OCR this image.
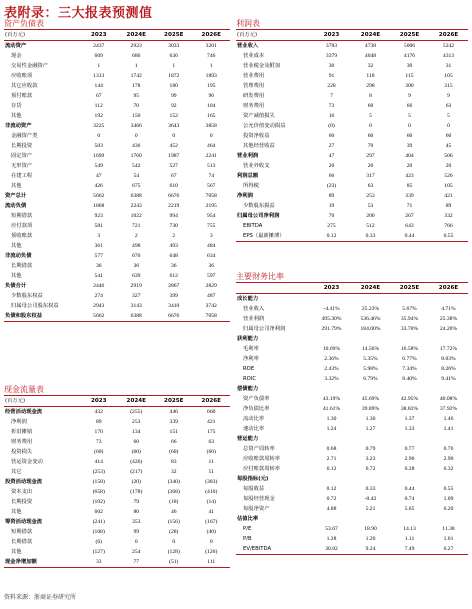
表附录：三大报表预测值
资产负债表
(百万元)	2023	2024E	2025E	2026E
流动资产	2437	2923	3033	3201
现金	609	686	636	746
交易性金融资产	1	1	1	1
应收账项	1313	1742	1872	1893
其它应收款	144	178	180	195
预付账款	67	95	99	96
存货	112	70	92	104
其他	192	150	152	165
非流动资产	3225	3466	3643	3858
金融资产类	0	0	0	0
长期投资	503	436	452	464
固定资产	1699	1760	1987	2241
无形资产	549	542	527	513
在建工程	47	54	67	74
其他	426	675	610	567
资产总计	5662	6388	6676	7058
流动负债	1868	2243	2219	2195
短期借款	923	1022	994	954
应付款项	581	721	730	755
预收账款	3	2	2	3
其他	361	498	493	484
非流动负债	577	676	648	634
长期借款	36	36	36	36
其他	541	639	612	597
负债合计	2446	2919	2867	2829
少数股东权益	274	327	399	487
归属母公司股东权益	2943	3143	3410	3742
负债和股东权益	5662	6388	6676	7058
现金流量表
(百万元)	2023	2024E	2025E	2026E
经营活动现金流	432	(255)	446	660
净利润	89	253	339	421
折旧摊销	170	134	151	175
财务费用	73	60	66	63
投资损失	(60)	(60)	(60)	(60)
营运资金变动	414	(426)	83	11
其它	(253)	(217)	32	51
投资活动现金流	(158)	(20)	(340)	(383)
资本支出	(658)	(178)	(368)	(410)
长期投资	(102)	79	(18)	(14)
其他	602	80	46	41
筹资活动现金流	(241)	353	(156)	(167)
短期借款	(108)	99	(28)	(40)
长期借款	(6)	0	0	0
其他	(127)	254	(128)	(126)
现金净增加额	33	77	(51)	111
利润表
(百万元)	2023	2024E	2025E	2026E
营业收入	3783	4738	5006	5242
营业成本	3379	4048	4176	4313
营业税金及附加	30	32	30	31
营业费用	91	118	115	105
管理费用	228	298	300	315
研发费用	7	8	9	9
财务费用	73	60	66	63
资产减值损失	16	5	5	5
公允价值变动损益	(0)	0	0	0
投资净收益	60	60	60	60
其他经营收益	27	70	39	45
营业利润	47	297	404	506
营业外收支	20	20	20	20
利润总额	66	317	423	526
所得税	(23)	63	85	105
净利润	89	253	339	421
少数股东损益	19	53	71	89
归属母公司净利润	70	200	267	332
EBITDA	275	512	643	766
EPS（最新摊薄）	0.12	0.33	0.44	0.55
主要财务比率
	2023	2024E	2025E	2026E
成长能力				
营业收入	-4.41%	25.23%	5.67%	4.71%
营业利润	495.30%	536.46%	35.94%	25.38%
归属母公司净利润	291.79%	184.00%	33.70%	24.20%
获利能力				
毛利率	10.69%	14.56%	16.58%	17.72%
净利率	2.36%	5.35%	6.77%	8.03%
ROE	2.43%	5.98%	7.34%	8.26%
ROIC	3.32%	6.79%	8.40%	9.41%
偿债能力				
资产负债率	43.19%	45.69%	42.95%	40.08%
净负债比率	41.61%	39.89%	38.83%	37.92%
流动比率	1.30	1.30	1.37	1.46
速动比率	1.24	1.27	1.33	1.41
营运能力				
总资产周转率	0.68	0.79	0.77	0.76
应收账款周转率	2.71	3.23	2.90	2.90
应付账款周转率	6.12	6.72	6.28	6.32
每股指标(元)				
每股收益	0.12	0.33	0.44	0.55
每股经营现金	0.72	-0.42	0.74	1.09
每股净资产	4.88	5.21	5.65	6.20
估值比率				
P/E	53.67	18.90	14.13	11.38
P/B	1.28	1.20	1.11	1.01
EV/EBITDA	30.82	9.24	7.49	6.27
资料来源：浙商证券研究所
